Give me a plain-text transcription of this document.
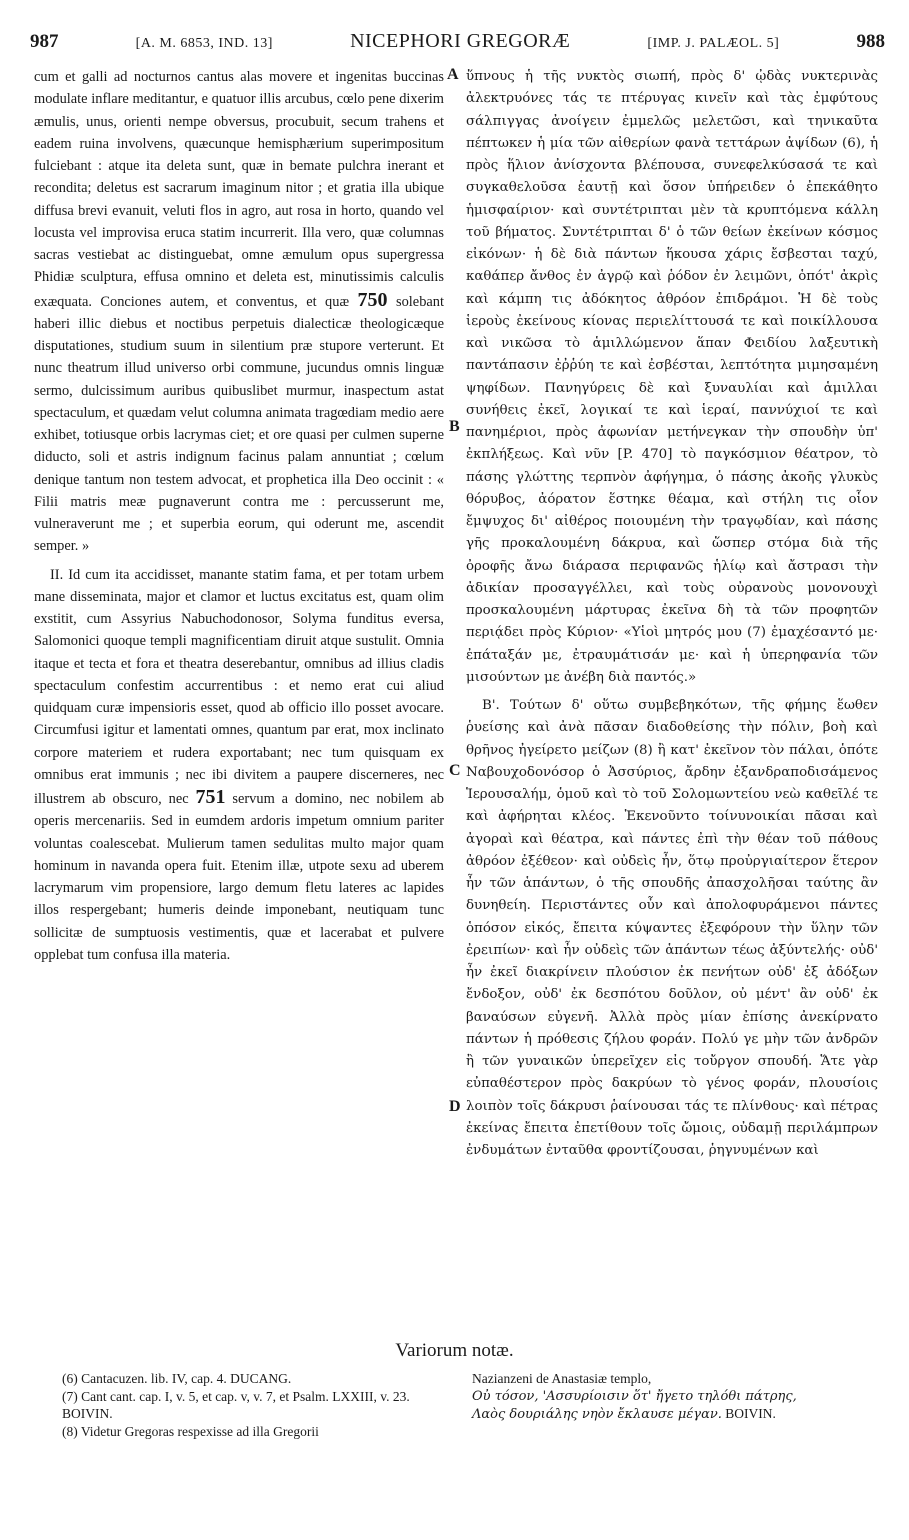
987	[A. M. 6853, IND. 13]	NICEPHORI GREGORÆ	[IMP. J. PALÆOL. 5]	988

cum et galli ad nocturnos cantus alas movere et ingenitas buccinas modulate inflare meditantur, e quatuor illis arcubus, cœlo pene dixerim æmulis, unus, orienti nempe obversus, procubuit, secum trahens et eadem ruina involvens, quæcunque hemisphærium superimpositum fulciebant : atque ita deleta sunt, quæ in bemate pulchra inerant et recondita; deletus est sacrarum imaginum nitor ; et gratia illa ubique diffusa brevi evanuit, veluti flos in agro, aut rosa in horto, quando vel locusta vel improvisa eruca statim incurrerit. Illa vero, quæ columnas sacras vestiebat ac distinguebat, omne æmulum opus supergressa Phidiæ sculptura, effusa omnino et deleta est, minutissimis calculis exæquata. Conciones autem, et conventus, et quæ 750 solebant haberi illic diebus et noctibus perpetuis dialecticæ theologicæque disputationes, studium suum in silentium præ stupore verterunt. Et nunc theatrum illud universo orbi commune, jucundus omnis linguæ sermo, dulcissimum auribus quibuslibet murmur, inaspectum astat spectaculum, et quædam velut columna animata tragœdiam medio aere exhibet, totiusque orbis lacrymas ciet; et ore quasi per culmen superne diducto, soli et astris indignum facinus palam annuntiat ; cœlum denique tantum non testem advocat, et prophetica illa Deo occinit : « Filii matris meæ pugnaverunt contra me : percusserunt me, vulneraverunt me ; et superbia eorum, qui oderunt me, ascendit semper. »

II. Id cum ita accidisset, manante statim fama, et per totam urbem mane disseminata, major et clamor et luctus excitatus est, quam olim exstitit, cum Assyrius Nabuchodonosor, Solyma funditus eversa, Salomonici quoque templi magnificentiam diruit atque sustulit. Omnia itaque et tecta et fora et theatra deserebantur, omnibus ad illius cladis spectaculum confestim accurrentibus : et nemo erat cui aliud quidquam curæ impensioris esset, quod ab officio illo posset avocare. Circumfusi igitur et lamentati omnes, quantum par erat, mox inclinato corpore materiem et rudera exportabant; nec tum quisquam ex omnibus erat immunis ; nec ibi divitem a paupere discerneres, nec illustrem ab obscuro, nec 751 servum a domino, nec nobilem ab operis mercenariis. Sed in eumdem ardoris impetum omnium pariter voluntas coalescebat. Mulierum tamen sedulitas multo major quam hominum in navanda opera fuit. Etenim illæ, utpote sexu ad uberem lacrymarum vim propensiore, largo demum fletu lateres ac lapides illos respergebant; humeris deinde imponebant, neutiquam tunc sollicitæ de sumptuosis vestimentis, quæ et lacerabat et pulvere opplebat tum confusa illa materia.

A
B
C
D

ὕπνους ἡ τῆς νυκτὸς σιωπή, πρὸς δ' ᾠδὰς νυκτερινὰς ἀλεκτρυόνες τάς τε πτέρυγας κινεῖν καὶ τὰς ἐμφύτους σάλπιγγας ἀνοίγειν ἐμμελῶς μελετῶσι, καὶ τηνικαῦτα πέπτωκεν ἡ μία τῶν αἰθερίων φανὰ τεττάρων ἀψίδων (6), ἡ πρὸς ἥλιον ἀνίσχοντα βλέπουσα, συνεφελκύσασά τε καὶ συγκαθελοῦσα ἑαυτῇ καὶ ὅσον ὑπήρειδεν ὁ ἐπεκάθητο ἡμισφαίριον· καὶ συντέτριπται μὲν τὰ κρυπτόμενα κάλλη τοῦ βήματος. Συντέτριπται δ' ὁ τῶν θείων ἐκείνων κόσμος εἰκόνων· ἡ δὲ διὰ πάντων ἥκουσα χάρις ἔσβεσται ταχύ, καθάπερ ἄνθος ἐν ἀγρῷ καὶ ῥόδον ἐν λειμῶνι, ὁπότ' ἀκρὶς καὶ κάμπη τις ἀδόκητος ἀθρόον ἐπιδράμοι. Ἡ δὲ τοὺς ἱεροὺς ἐκείνους κίονας περιελίττουσά τε καὶ ποικίλλουσα καὶ νικῶσα τὸ ἁμιλλώμενον ἅπαν Φειδίου λαξευτικὴ παντάπασιν ἐῤῥύη τε καὶ ἐσβέσται, λεπτότητα μιμησαμένη ψηφίδων. Πανηγύρεις δὲ καὶ ξυναυλίαι καὶ ἁμιλλαι συνήθεις ἐκεῖ, λογικαί τε καὶ ἱεραί, παννύχιοί τε καὶ πανημέριοι, πρὸς ἀφωνίαν μετήνεγκαν τὴν σπουδὴν ὑπ' ἐκπλήξεως. Καὶ νῦν [P. 470] τὸ παγκόσμιον θέατρον, τὸ πάσης γλώττης τερπνὸν ἀφήγημα, ὁ πάσης ἀκοῆς γλυκὺς θόρυβος, ἀόρατον ἕστηκε θέαμα, καὶ στήλη τις οἷον ἔμψυχος δι' αἰθέρος ποιουμένη τὴν τραγῳδίαν, καὶ πάσης γῆς προκαλουμένη δάκρυα, καὶ ὥσπερ στόμα διὰ τῆς ὀροφῆς ἄνω διάρασα περιφανῶς ἡλίῳ καὶ ἄστρασι τὴν ἀδικίαν προσαγγέλλει, καὶ τοὺς οὐρανοὺς μονονουχὶ προσκαλουμένη μάρτυρας ἐκεῖνα δὴ τὰ τῶν προφητῶν περιᾴδει πρὸς Κύριον· «Υἱοὶ μητρός μου (7) ἐμαχέσαντό με· ἐπάταξάν με, ἐτραυμάτισάν με· καὶ ἡ ὑπερηφανία τῶν μισούντων με ἀνέβη διὰ παντός.»

Β'. Τούτων δ' οὕτω συμβεβηκότων, τῆς φήμης ἕωθεν ῥυείσης καὶ ἀνὰ πᾶσαν διαδοθείσης τὴν πόλιν, βοὴ καὶ θρῆνος ἠγείρετο μείζων (8) ἢ κατ' ἐκεῖνον τὸν πάλαι, ὁπότε Ναβουχοδονόσορ ὁ Ἀσσύριος, ἄρδην ἐξανδραποδισάμενος Ἱερουσαλήμ, ὁμοῦ καὶ τὸ τοῦ Σολομωντείου νεὼ καθεῖλέ τε καὶ ἀφήρηται κλέος. Ἐκενοῦντο τοίνυνοικίαι πᾶσαι καὶ ἀγοραὶ καὶ θέατρα, καὶ πάντες ἐπὶ τὴν θέαν τοῦ πάθους ἀθρόον ἐξέθεον· καὶ οὐδεὶς ἦν, ὅτῳ προὐργιαίτερον ἕτερον ἦν τῶν ἁπάντων, ὁ τῆς σπουδῆς ἀπασχολῆσαι ταύτης ἂν δυνηθείη. Περιστάντες οὖν καὶ ἀπολοφυράμενοι πάντες ὁπόσον εἰκός, ἔπειτα κύψαντες ἐξεφόρουν τὴν ὕλην τῶν ἐρειπίων· καὶ ἦν οὐδεὶς τῶν ἁπάντων τέως ἀξύντελής· οὐδ' ἦν ἐκεῖ διακρίνειν πλούσιον ἐκ πενήτων οὐδ' ἐξ ἀδόξων ἔνδοξον, οὐδ' ἐκ δεσπότου δοῦλον, οὐ μέντ' ἂν οὐδ' ἐκ βαναύσων εὐγενῆ. Ἀλλὰ πρὸς μίαν ἐπίσης ἀνεκίρνατο πάντων ἡ πρόθεσις ζήλου φοράν. Πολύ γε μὴν τῶν ἀνδρῶν ἢ τῶν γυναικῶν ὑπερεῖχεν εἰς τοὔργον σπουδή. Ἅτε γὰρ εὐπαθέστερον πρὸς δακρύων τὸ γένος φοράν, πλουσίοις λοιπὸν τοῖς δάκρυσι ῥαίνουσαι τάς τε πλίνθους· καὶ πέτρας ἐκείνας ἔπειτα ἐπετίθουν τοῖς ὤμοις, οὐδαμῇ περιλάμπρων ἐνδυμάτων ἐνταῦθα φροντίζουσαι, ῥηγνυμένων καὶ

Variorum notæ.

(6) Cantacuzen. lib. IV, cap. 4. DUCANG.

(7) Cant cant. cap. I, v. 5, et cap. v, v. 7, et Psalm. LXXIII, v. 23. BOIVIN.

(8) Videtur Gregoras respexisse ad illa Gregorii

Nazianzeni de Anastasiæ templo,

Οὐ τόσον, 'Ασσυρίοισιν ὅτ' ἤγετο τηλόθι πάτρης,

Λαὸς δουριάλης νηὸν ἔκλαυσε μέγαν. BOIVIN.
